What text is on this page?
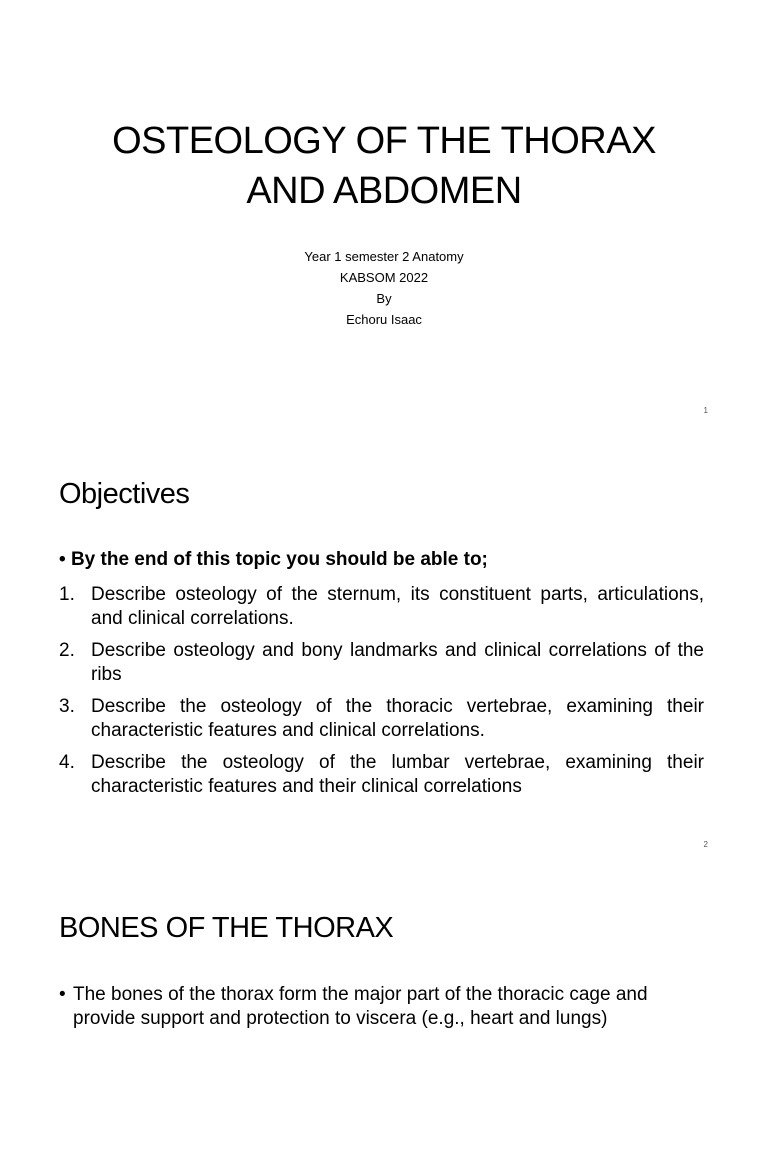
OSTEOLOGY OF THE THORAX
AND ABDOMEN
Year 1 semester 2 Anatomy
KABSOM 2022
By
Echoru Isaac
1
Objectives
• By the end of this topic you should be able to;
1. Describe osteology of the sternum, its constituent parts, articulations, and clinical correlations.
2. Describe osteology and bony landmarks and clinical correlations of the ribs
3. Describe the osteology of the thoracic vertebrae, examining their characteristic features and clinical correlations.
4. Describe the osteology of the lumbar vertebrae, examining their characteristic features and their clinical correlations
2
BONES OF THE THORAX
• The bones of the thorax form the major part of the thoracic cage and provide support and protection to viscera (e.g., heart and lungs)
